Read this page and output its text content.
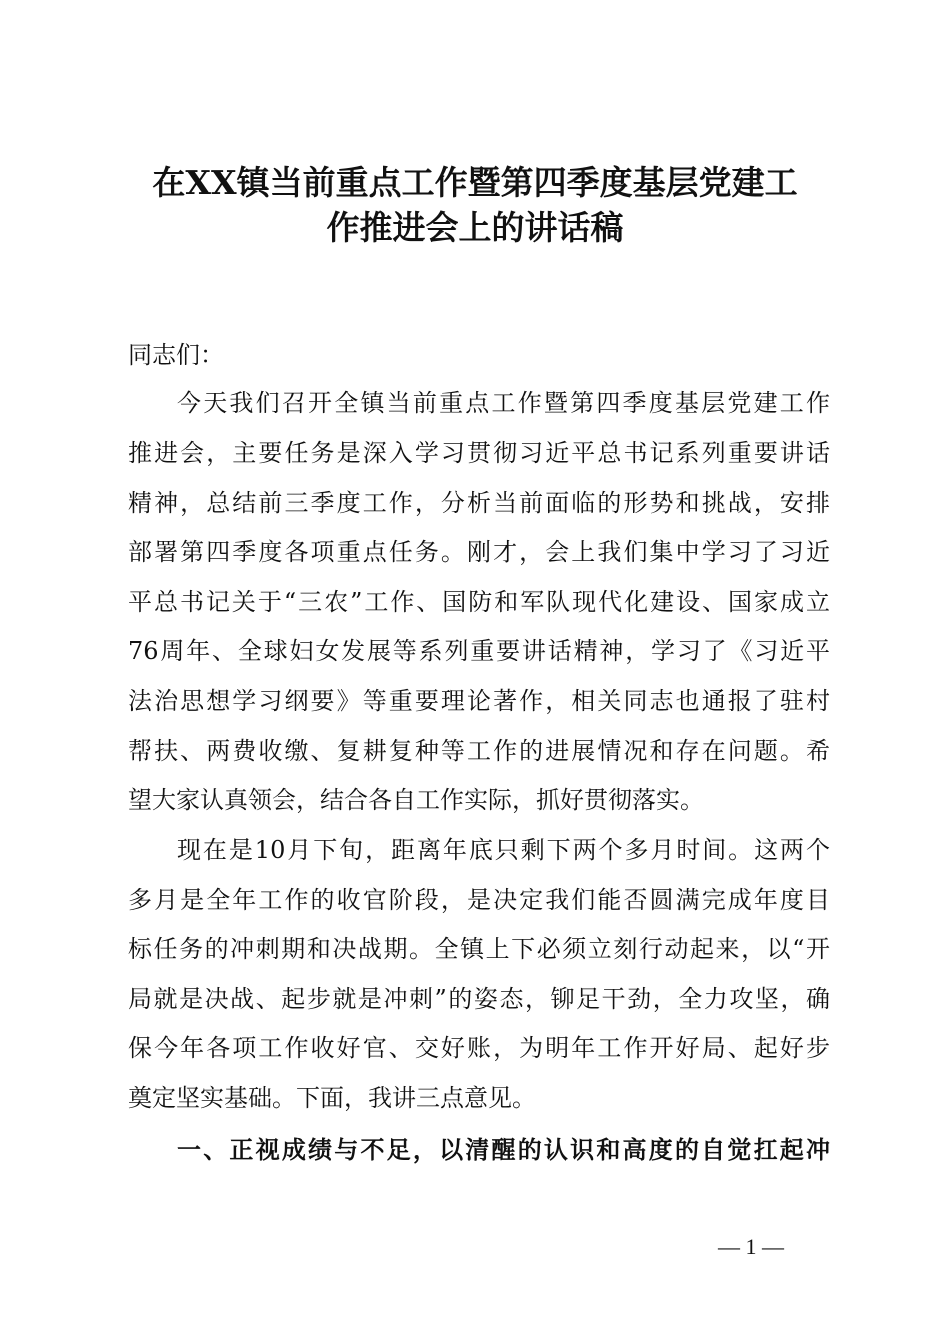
在XX镇当前重点工作暨第四季度基层党建工
作推进会上的讲话稿
同志们：
今天我们召开全镇当前重点工作暨第四季度基层党建工作
推进会，主要任务是深入学习贯彻习近平总书记系列重要讲话
精神，总结前三季度工作，分析当前面临的形势和挑战，安排
部署第四季度各项重点任务。刚才，会上我们集中学习了习近
平总书记关于“三农”工作、国防和军队现代化建设、国家成立
76周年、全球妇女发展等系列重要讲话精神，学习了《习近平
法治思想学习纲要》等重要理论著作，相关同志也通报了驻村
帮扶、两费收缴、复耕复种等工作的进展情况和存在问题。希
望大家认真领会，结合各自工作实际，抓好贯彻落实。
现在是10月下旬，距离年底只剩下两个多月时间。这两个
多月是全年工作的收官阶段，是决定我们能否圆满完成年度目
标任务的冲刺期和决战期。全镇上下必须立刻行动起来，以“开
局就是决战、起步就是冲刺”的姿态，铆足干劲，全力攻坚，确
保今年各项工作收好官、交好账，为明年工作开好局、起好步
奠定坚实基础。下面，我讲三点意见。
一、正视成绩与不足，以清醒的认识和高度的自觉扛起冲
— 1 —
